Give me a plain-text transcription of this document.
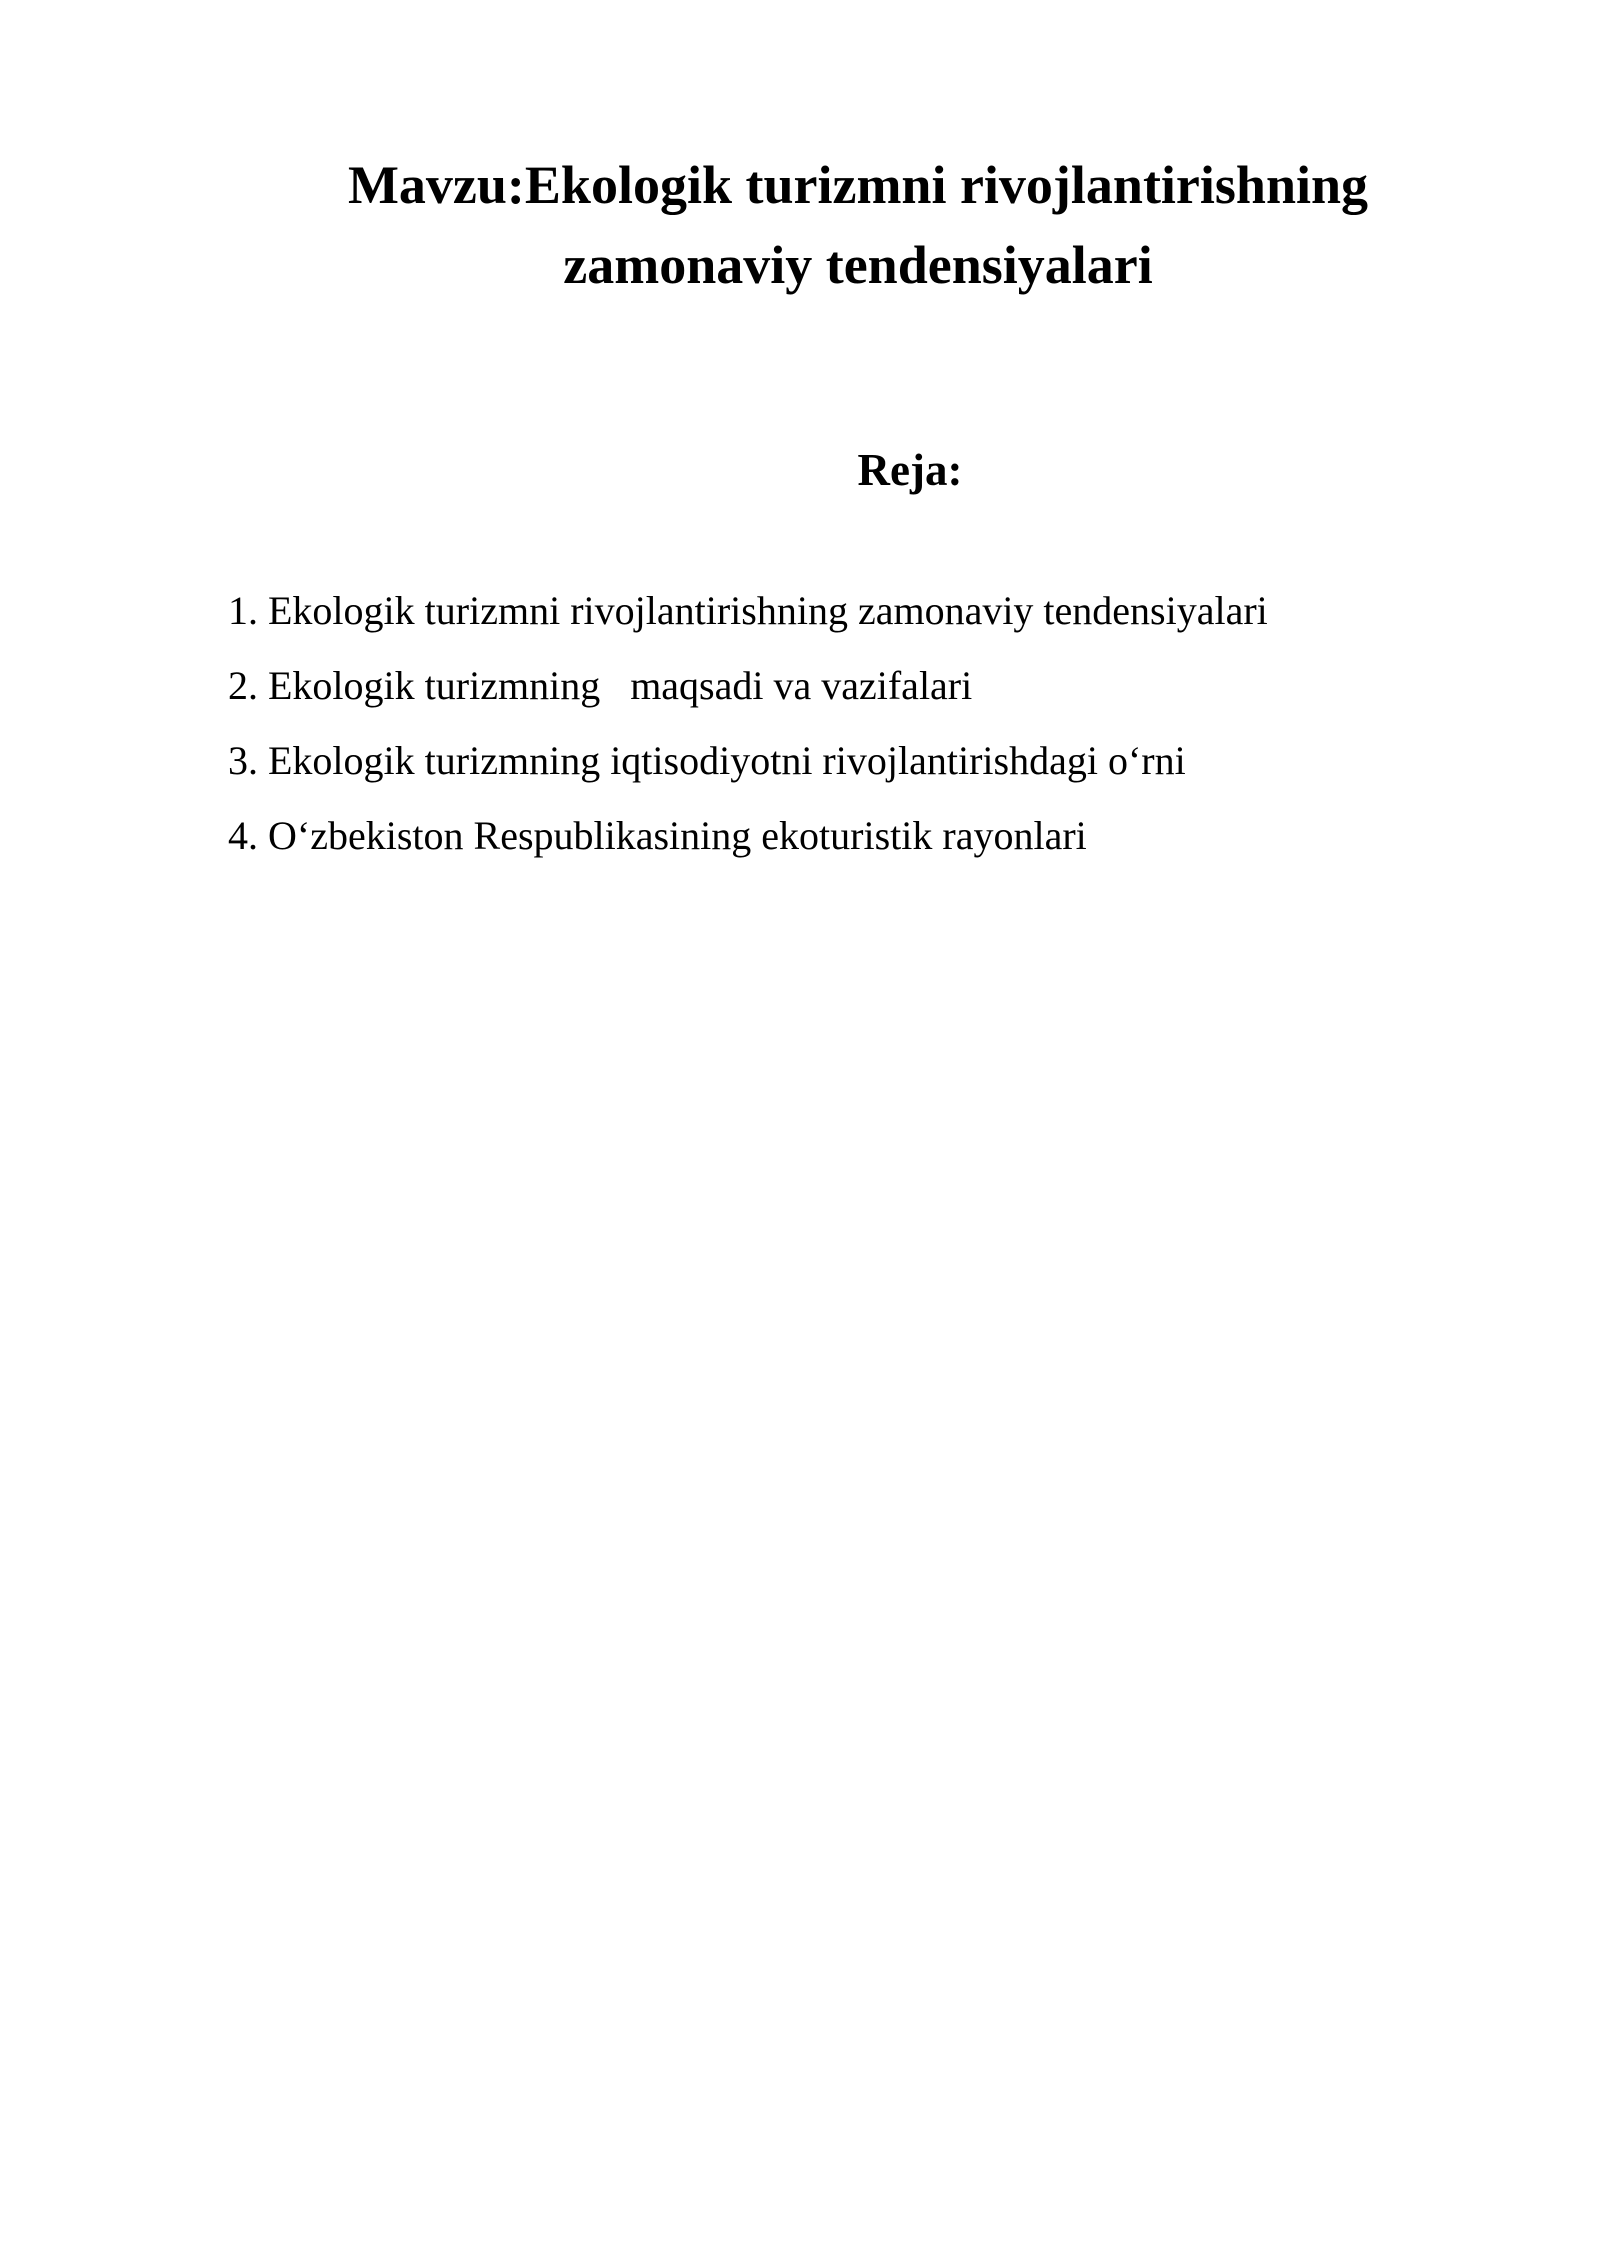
Mavzu:Ekologik turizmni rivojlantirishning
zamonaviy tendensiyalari
Reja:
1. Ekologik turizmni rivojlantirishning zamonaviy tendensiyalari
2. Ekologik turizmning   maqsadi va vazifalari
3. Ekologik turizmning iqtisodiyotni rivojlantirishdagi o‘rni
4. O‘zbekiston Respublikasining ekoturistik rayonlari
